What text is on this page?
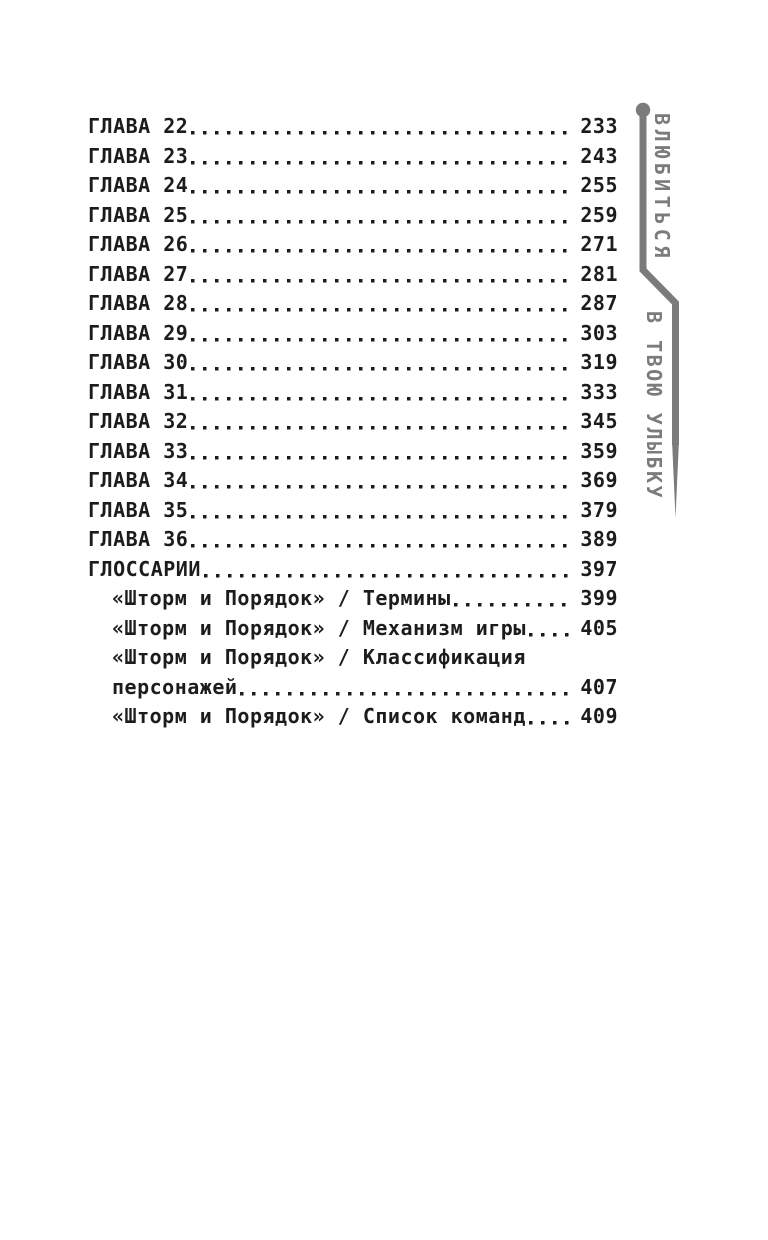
ГЛАВА 22	233
ГЛАВА 23	243
ГЛАВА 24	255
ГЛАВА 25	259
ГЛАВА 26	271
ГЛАВА 27	281
ГЛАВА 28	287
ГЛАВА 29	303
ГЛАВА 30	319
ГЛАВА 31	333
ГЛАВА 32	345
ГЛАВА 33	359
ГЛАВА 34	369
ГЛАВА 35	379
ГЛАВА 36	389
ГЛОССАРИИ	397
«Шторм и Порядок» / Термины	399
«Шторм и Порядок» / Механизм игры	405
«Шторм и Порядок» / Классификация
персонажей	407
«Шторм и Порядок» / Список команд	409
ВЛЮБИТЬСЯ
В ТВОЮ УЛЫБКУ
